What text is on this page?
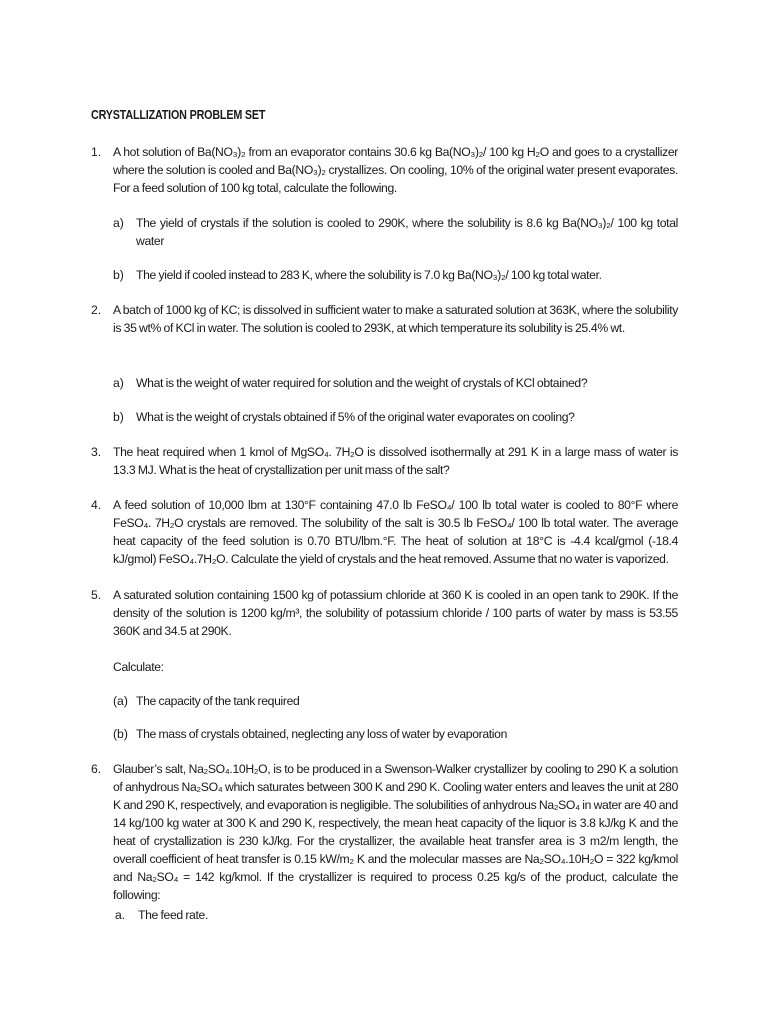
CRYSTALLIZATION PROBLEM SET
1. A hot solution of Ba(NO₃)₂ from an evaporator contains 30.6 kg Ba(NO₃)₂/ 100 kg H₂O and goes to a crystallizer where the solution is cooled and Ba(NO₃)₂ crystallizes. On cooling, 10% of the original water present evaporates. For a feed solution of 100 kg total, calculate the following.
a) The yield of crystals if the solution is cooled to 290K, where the solubility is 8.6 kg Ba(NO₃)₂/ 100 kg total water
b) The yield if cooled instead to 283 K, where the solubility is 7.0 kg Ba(NO₃)₂/ 100 kg total water.
2. A batch of 1000 kg of KC; is dissolved in sufficient water to make a saturated solution at 363K, where the solubility is 35 wt% of KCl in water. The solution is cooled to 293K, at which temperature its solubility is 25.4% wt.
a) What is the weight of water required for solution and the weight of crystals of KCl obtained?
b) What is the weight of crystals obtained if 5% of the original water evaporates on cooling?
3. The heat required when 1 kmol of MgSO₄. 7H₂O is dissolved isothermally at 291 K in a large mass of water is 13.3 MJ. What is the heat of crystallization per unit mass of the salt?
4. A feed solution of 10,000 lbm at 130°F containing 47.0 lb FeSO₄/ 100 lb total water is cooled to 80°F where FeSO₄. 7H₂O crystals are removed. The solubility of the salt is 30.5 lb FeSO₄/ 100 lb total water. The average heat capacity of the feed solution is 0.70 BTU/lbm.°F. The heat of solution at 18°C is -4.4 kcal/gmol (-18.4 kJ/gmol) FeSO₄.7H₂O. Calculate the yield of crystals and the heat removed. Assume that no water is vaporized.
5. A saturated solution containing 1500 kg of potassium chloride at 360 K is cooled in an open tank to 290K. If the density of the solution is 1200 kg/m³, the solubility of potassium chloride / 100 parts of water by mass is 53.55 360K and 34.5 at 290K.
Calculate:
(a) The capacity of the tank required
(b) The mass of crystals obtained, neglecting any loss of water by evaporation
6. Glauber’s salt, Na₂SO₄.10H₂O, is to be produced in a Swenson-Walker crystallizer by cooling to 290 K a solution of anhydrous Na₂SO₄ which saturates between 300 K and 290 K. Cooling water enters and leaves the unit at 280 K and 290 K, respectively, and evaporation is negligible. The solubilities of anhydrous Na₂SO₄ in water are 40 and 14 kg/100 kg water at 300 K and 290 K, respectively, the mean heat capacity of the liquor is 3.8 kJ/kg K and the heat of crystallization is 230 kJ/kg. For the crystallizer, the available heat transfer area is 3 m2/m length, the overall coefficient of heat transfer is 0.15 kW/m₂ K and the molecular masses are Na₂SO₄.10H₂O = 322 kg/kmol and Na₂SO₄ = 142 kg/kmol. If the crystallizer is required to process 0.25 kg/s of the product, calculate the following:
a. The feed rate.
